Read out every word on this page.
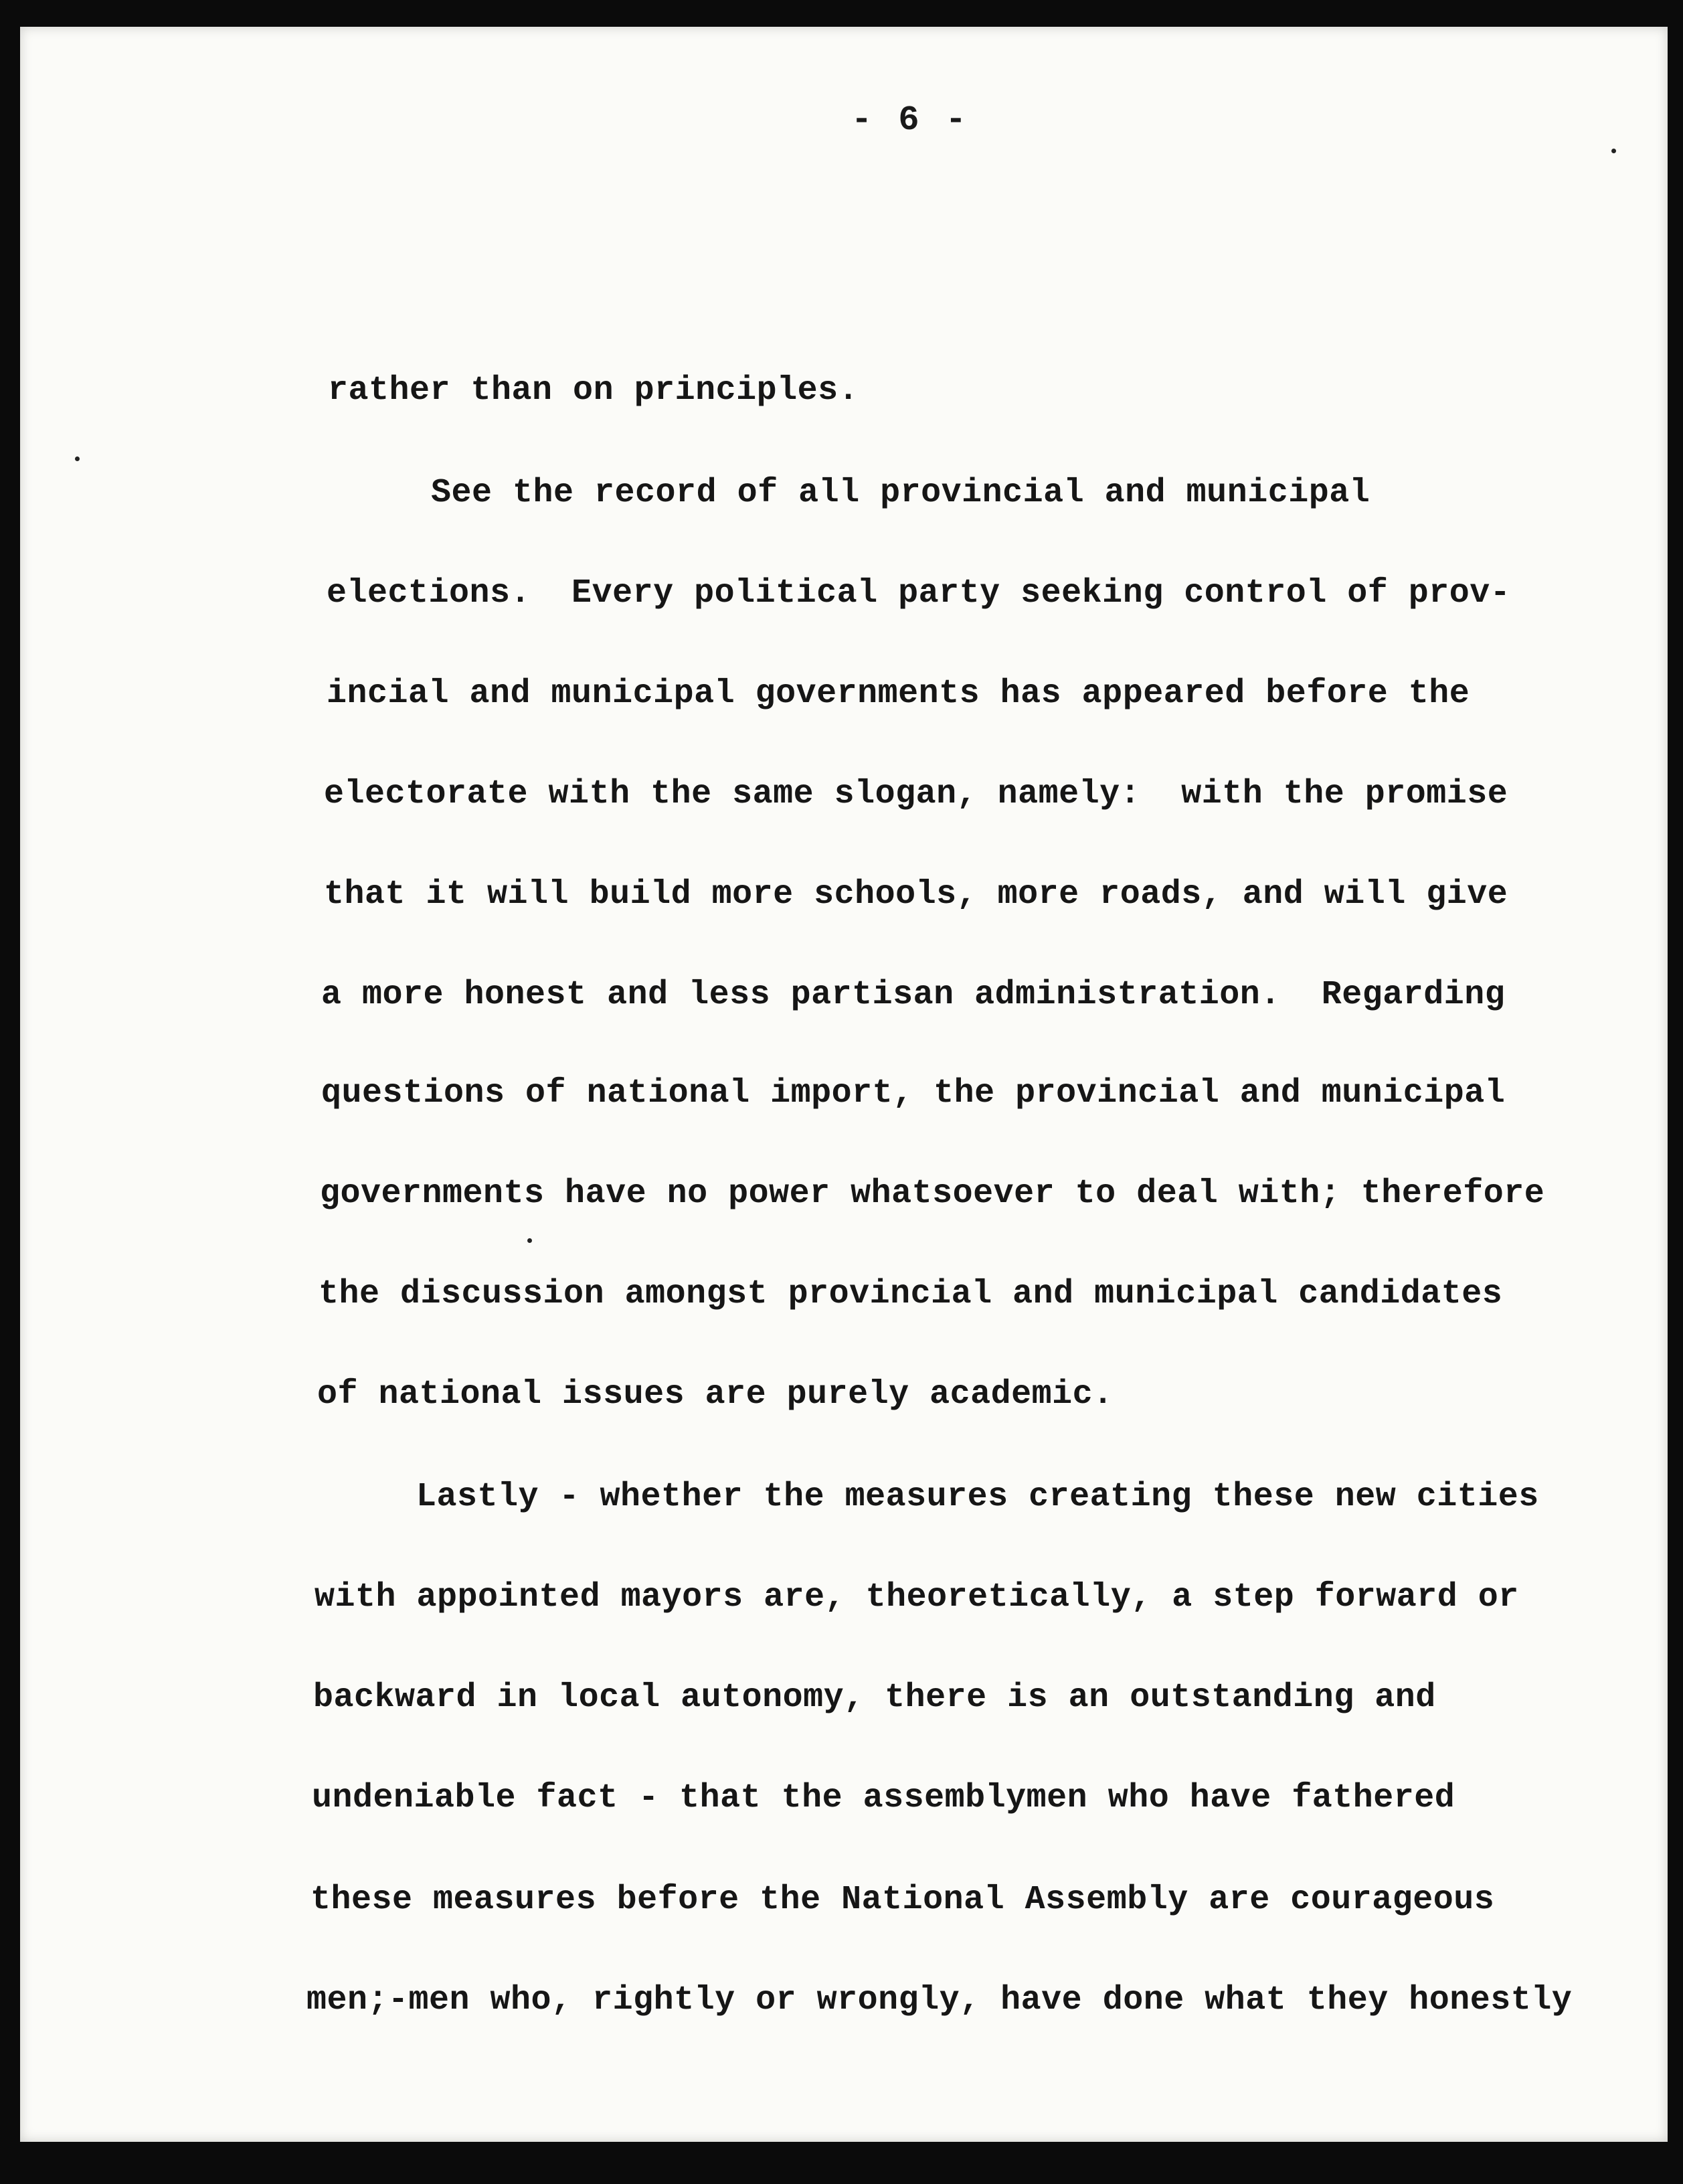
- 6 -
rather than on principles.
See the record of all provincial and municipal
elections.  Every political party seeking control of prov-
incial and municipal governments has appeared before the
electorate with the same slogan, namely:  with the promise
that it will build more schools, more roads, and will give
a more honest and less partisan administration.  Regarding
questions of national import, the provincial and municipal
governments have no power whatsoever to deal with; therefore
the discussion amongst provincial and municipal candidates
of national issues are purely academic.
Lastly - whether the measures creating these new cities
with appointed mayors are, theoretically, a step forward or
backward in local autonomy, there is an outstanding and
undeniable fact - that the assemblymen who have fathered
these measures before the National Assembly are courageous
men;-men who, rightly or wrongly, have done what they honestly
